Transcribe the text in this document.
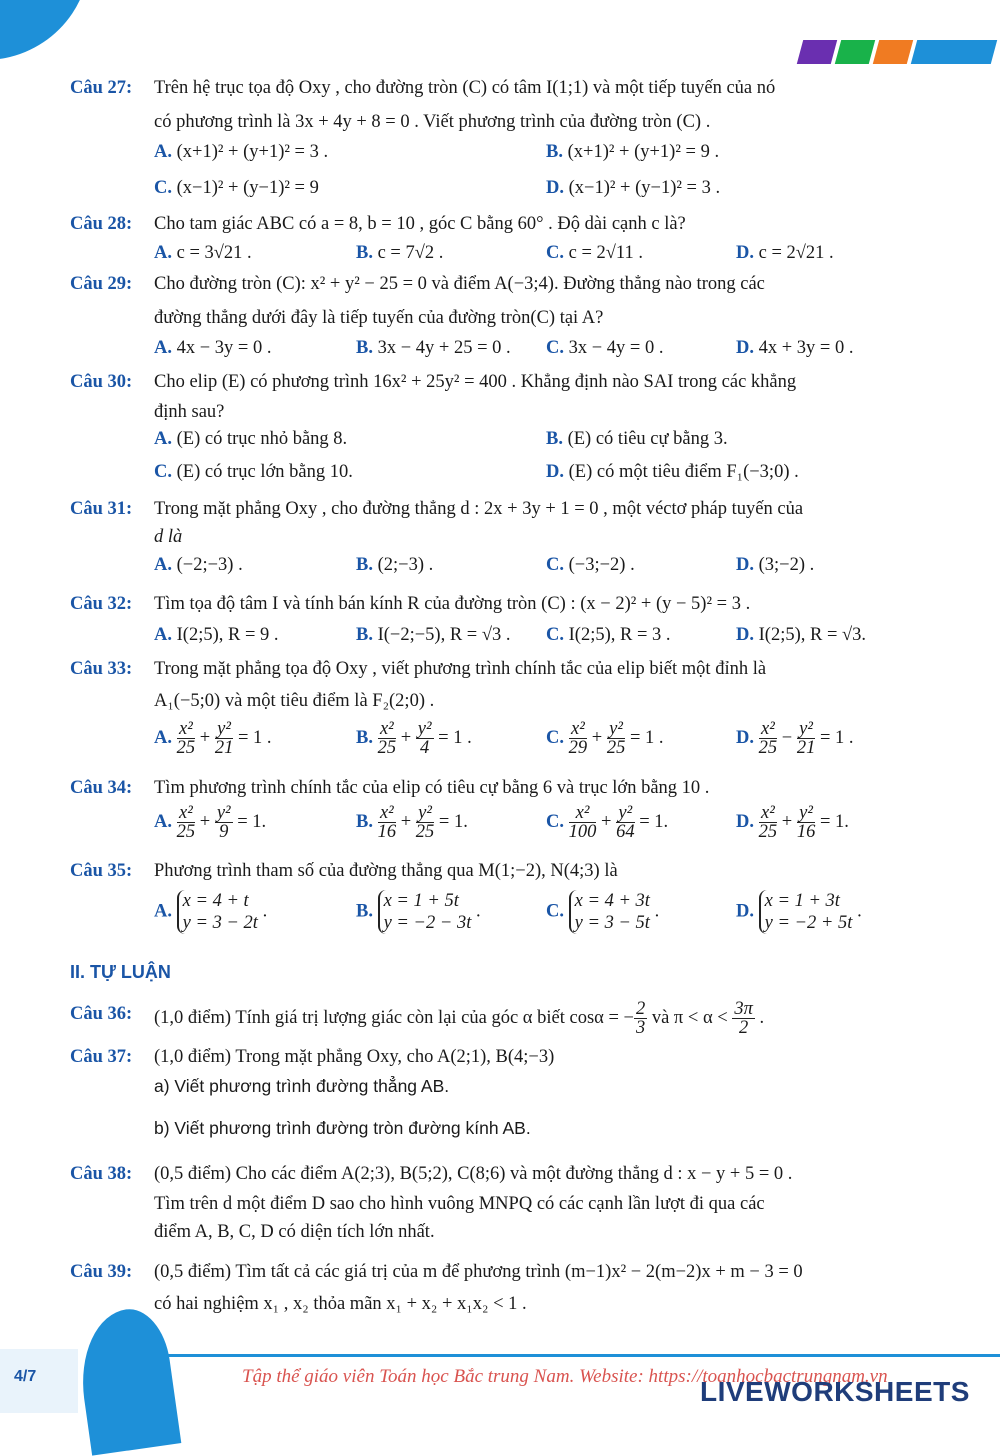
Câu 27: Trên hệ trục tọa độ Oxy , cho đường tròn (C) có tâm I(1;1) và một tiếp tuyến của nó
có phương trình là 3x + 4y + 8 = 0 . Viết phương trình của đường tròn (C) .
A. (x+1)² + (y+1)² = 3 .	B. (x+1)² + (y+1)² = 9 .
C. (x−1)² + (y−1)² = 9	D. (x−1)² + (y−1)² = 3 .
Câu 28: Cho tam giác ABC có a = 8, b = 10 , góc C bằng 60° . Độ dài cạnh c là?
A. c = 3√21 .	B. c = 7√2 .	C. c = 2√11 .	D. c = 2√21 .
Câu 29: Cho đường tròn (C): x² + y² − 25 = 0 và điểm A(−3;4). Đường thẳng nào trong các
đường thẳng dưới đây là tiếp tuyến của đường tròn(C) tại A?
A. 4x − 3y = 0 .	B. 3x − 4y + 25 = 0 . C. 3x − 4y = 0 .	D. 4x + 3y = 0 .
Câu 30: Cho elip (E) có phương trình 16x² + 25y² = 400 . Khẳng định nào SAI trong các khẳng
định sau?
A. (E) có trục nhỏ bằng 8.	B. (E) có tiêu cự bằng 3.
C. (E) có trục lớn bằng 10.	D. (E) có một tiêu điểm F₁(−3;0) .
Câu 31: Trong mặt phẳng Oxy , cho đường thẳng d : 2x + 3y + 1 = 0 , một véctơ pháp tuyến của
d là
A. (−2;−3) .	B. (2;−3) .	C. (−3;−2) .	D. (3;−2) .
Câu 32: Tìm tọa độ tâm I và tính bán kính R của đường tròn (C) : (x − 2)² + (y − 5)² = 3 .
A. I(2;5), R = 9 .	B. I(−2;−5), R = √3 . C. I(2;5), R = 3 .	D. I(2;5), R = √3.
Câu 33: Trong mặt phẳng tọa độ Oxy , viết phương trình chính tắc của elip biết một đỉnh là
A₁(−5;0) và một tiêu điểm là F₂(2;0) .
A. $\frac{\text{x²}}{25} + \frac{\text{y²}}{21} = 1$ .	B. $\frac{\text{x²}}{25} + \frac{\text{y²}}{4} = 1$ .	C. $\frac{\text{x²}}{29} + \frac{\text{y²}}{25} = 1$ .	D. $\frac{\text{x²}}{25} - \frac{\text{y²}}{21} = 1$ .
Câu 34: Tìm phương trình chính tắc của elip có tiêu cự bằng 6 và trục lớn bằng 10 .
A. $\frac{\text{x²}}{25} + \frac{\text{y²}}{9} = 1$.	B. $\frac{\text{x²}}{16} + \frac{\text{y²}}{25} = 1$.	C. $\frac{\text{x²}}{100} + \frac{\text{y²}}{64} = 1$.	D. $\frac{\text{x²}}{25} + \frac{\text{y²}}{16} = 1$.
Câu 35: Phương trình tham số của đường thẳng qua M(1;−2), N(4;3) là
A. x = 4 + t
y = 3 − 2t .	B. x = 1 + 5t
y = −2 − 3t .	C. x = 4 + 3t
y = 3 − 5t .	D. x = 1 + 3t
y = −2 + 5t .
II. TỰ LUẬN
Câu 36: (1,0 điểm) Tính giá trị lượng giác còn lại của góc α biết cosα = − $\frac{2}{3}$ và $\pi < \alpha < \frac{3\pi}{2}$ .
Câu 37: (1,0 điểm) Trong mặt phẳng Oxy, cho A(2;1), B(4;−3)
a) Viết phương trình đường thẳng AB.
b) Viết phương trình đường tròn đường kính AB.
Câu 38: (0,5 điểm) Cho các điểm A(2;3), B(5;2), C(8;6) và một đường thẳng d : x − y + 5 = 0 .
Tìm trên d một điểm D sao cho hình vuông MNPQ có các cạnh lần lượt đi qua các
điểm A, B, C, D có diện tích lớn nhất.
Câu 39: (0,5 điểm) Tìm tất cả các giá trị của m để phương trình (m−1)x² − 2(m−2)x + m − 3 = 0
có hai nghiệm x₁ , x₂ thỏa mãn x₁ + x₂ + x₁x₂ < 1 .
4/7	Tập thể giáo viên Toán học Bắc trung Nam. Website: https://toanhocbactrungnam.vn
LIVEWORKSHEETS
